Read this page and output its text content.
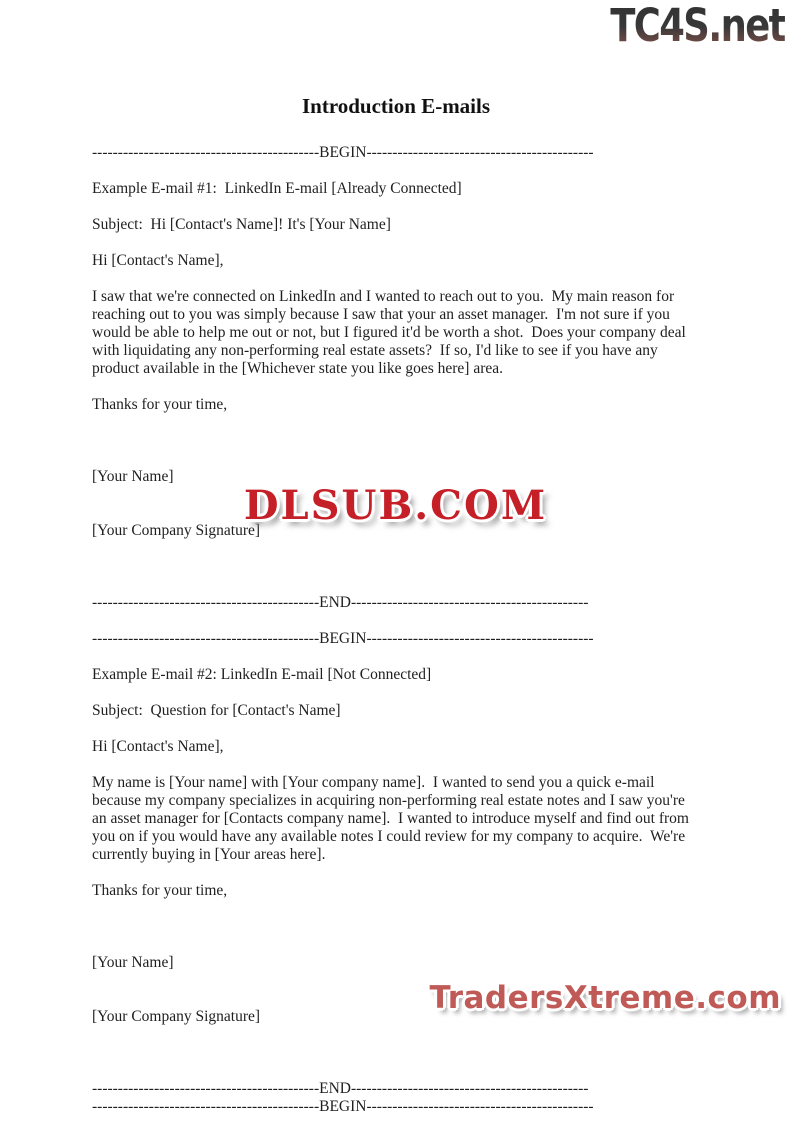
TC4S.net
Introduction E-mails
--------------------------------------------BEGIN--------------------------------------------
Example E-mail #1:  LinkedIn E-mail [Already Connected]
Subject:  Hi [Contact's Name]! It's [Your Name]
Hi [Contact's Name],
I saw that we're connected on LinkedIn and I wanted to reach out to you.  My main reason for reaching out to you was simply because I saw that your an asset manager.  I'm not sure if you would be able to help me out or not, but I figured it'd be worth a shot.  Does your company deal with liquidating any non-performing real estate assets?  If so, I'd like to see if you have any product available in the [Whichever state you like goes here] area.
Thanks for your time,

[Your Name]

[Your Company Signature]

--------------------------------------------END----------------------------------------------
--------------------------------------------BEGIN--------------------------------------------
Example E-mail #2: LinkedIn E-mail [Not Connected]
Subject:  Question for [Contact's Name]
Hi [Contact's Name],
My name is [Your name] with [Your company name].  I wanted to send you a quick e-mail because my company specializes in acquiring non-performing real estate notes and I saw you're an asset manager for [Contacts company name].  I wanted to introduce myself and find out from you on if you would have any available notes I could review for my company to acquire.  We're currently buying in [Your areas here].
Thanks for your time,

[Your Name]

[Your Company Signature]

--------------------------------------------END----------------------------------------------
--------------------------------------------BEGIN--------------------------------------------
DLSUB.COM
TradersXtreme.com
